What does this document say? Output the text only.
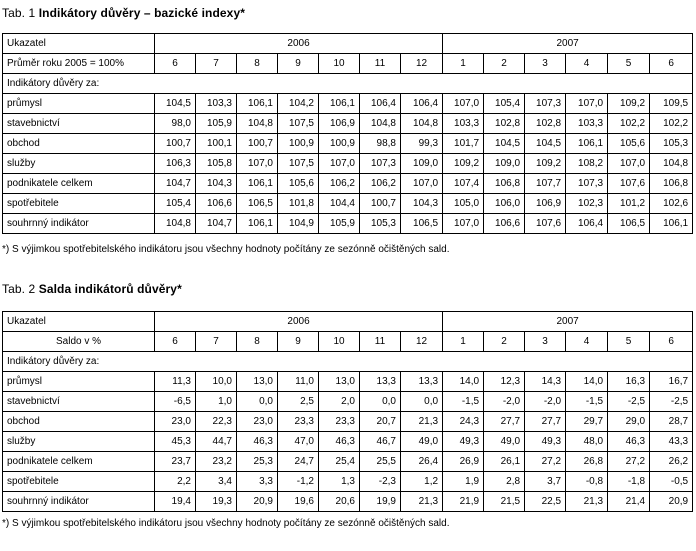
Tab. 1 Indikátory důvěry – bazické indexy*
Ukazatel	2006							2007					
Průměr roku 2005 = 100%	6	7	8	9	10	11	12	1	2	3	4	5	6
Indikátory důvěry za:													
průmysl	104,5	103,3	106,1	104,2	106,1	106,4	106,4	107,0	105,4	107,3	107,0	109,2	109,5
stavebnictví	98,0	105,9	104,8	107,5	106,9	104,8	104,8	103,3	102,8	102,8	103,3	102,2	102,2
obchod	100,7	100,1	100,7	100,9	100,9	98,8	99,3	101,7	104,5	104,5	106,1	105,6	105,3
služby	106,3	105,8	107,0	107,5	107,0	107,3	109,0	109,2	109,0	109,2	108,2	107,0	104,8
podnikatele celkem	104,7	104,3	106,1	105,6	106,2	106,2	107,0	107,4	106,8	107,7	107,3	107,6	106,8
spotřebitele	105,4	106,6	106,5	101,8	104,4	100,7	104,3	105,0	106,0	106,9	102,3	101,2	102,6
souhrnný indikátor	104,8	104,7	106,1	104,9	105,9	105,3	106,5	107,0	106,6	107,6	106,4	106,5	106,1
*) S výjimkou spotřebitelského indikátoru jsou všechny hodnoty počítány ze sezónně očištěných sald.
Tab. 2 Salda indikátorů důvěry*
Ukazatel	2006							2007					
Saldo v %	6	7	8	9	10	11	12	1	2	3	4	5	6
Indikátory důvěry za:													
průmysl	11,3	10,0	13,0	11,0	13,0	13,3	13,3	14,0	12,3	14,3	14,0	16,3	16,7
stavebnictví	-6,5	1,0	0,0	2,5	2,0	0,0	0,0	-1,5	-2,0	-2,0	-1,5	-2,5	-2,5
obchod	23,0	22,3	23,0	23,3	23,3	20,7	21,3	24,3	27,7	27,7	29,7	29,0	28,7
služby	45,3	44,7	46,3	47,0	46,3	46,7	49,0	49,3	49,0	49,3	48,0	46,3	43,3
podnikatele celkem	23,7	23,2	25,3	24,7	25,4	25,5	26,4	26,9	26,1	27,2	26,8	27,2	26,2
spotřebitele	2,2	3,4	3,3	-1,2	1,3	-2,3	1,2	1,9	2,8	3,7	-0,8	-1,8	-0,5
souhrnný indikátor	19,4	19,3	20,9	19,6	20,6	19,9	21,3	21,9	21,5	22,5	21,3	21,4	20,9
*) S výjimkou spotřebitelského indikátoru jsou všechny hodnoty počítány ze sezónně očištěných sald.
